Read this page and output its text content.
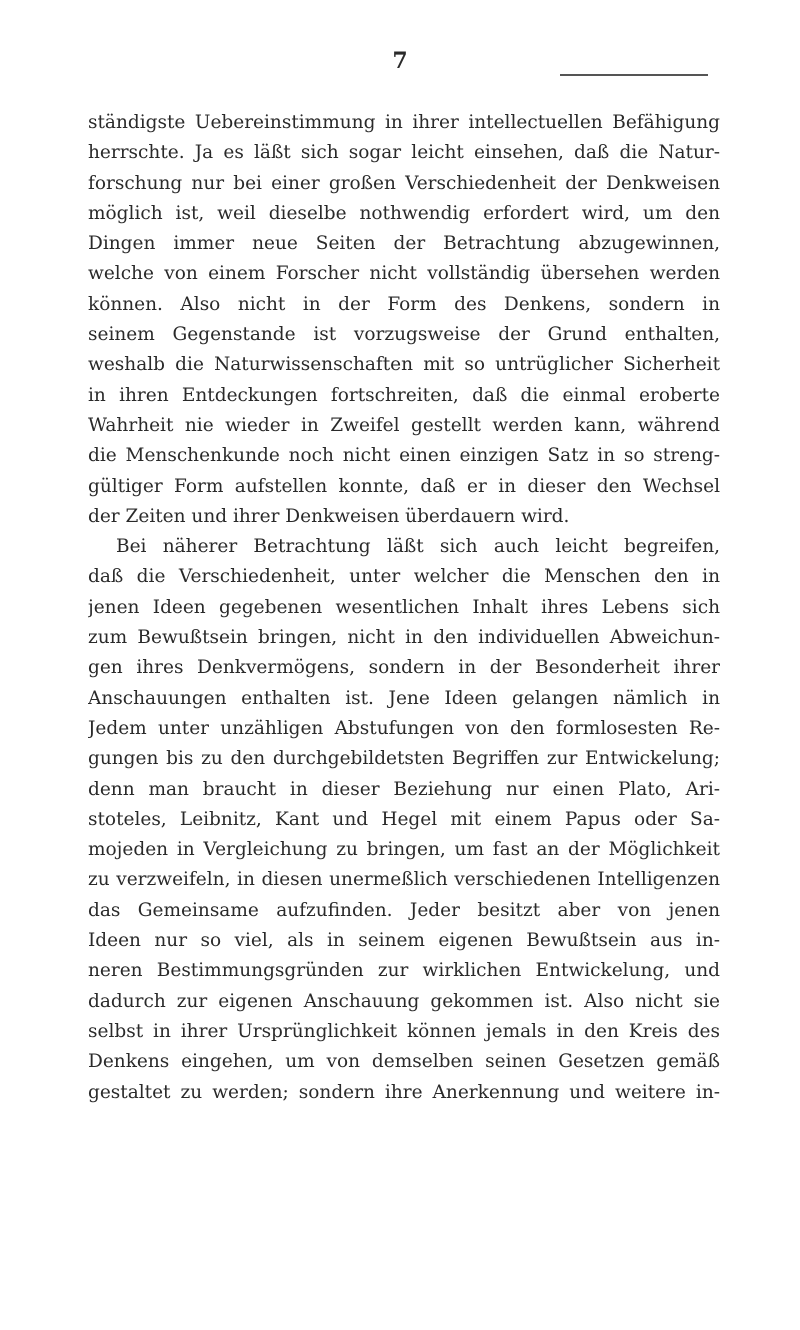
7
ständigste Uebereinstimmung in ihrer intellectuellen Befähigung
herrschte. Ja es läßt sich sogar leicht einsehen, daß die Natur-
forschung nur bei einer großen Verschiedenheit der Denkweisen
möglich ist, weil dieselbe nothwendig erfordert wird, um den
Dingen immer neue Seiten der Betrachtung abzugewinnen,
welche von einem Forscher nicht vollständig übersehen werden
können. Also nicht in der Form des Denkens, sondern in
seinem Gegenstande ist vorzugsweise der Grund enthalten,
weshalb die Naturwissenschaften mit so untrüglicher Sicherheit
in ihren Entdeckungen fortschreiten, daß die einmal eroberte
Wahrheit nie wieder in Zweifel gestellt werden kann, während
die Menschenkunde noch nicht einen einzigen Satz in so streng-
gültiger Form aufstellen konnte, daß er in dieser den Wechsel
der Zeiten und ihrer Denkweisen überdauern wird.
Bei näherer Betrachtung läßt sich auch leicht begreifen,
daß die Verschiedenheit, unter welcher die Menschen den in
jenen Ideen gegebenen wesentlichen Inhalt ihres Lebens sich
zum Bewußtsein bringen, nicht in den individuellen Abweichun-
gen ihres Denkvermögens, sondern in der Besonderheit ihrer
Anschauungen enthalten ist. Jene Ideen gelangen nämlich in
Jedem unter unzähligen Abstufungen von den formlosesten Re-
gungen bis zu den durchgebildetsten Begriffen zur Entwickelung;
denn man braucht in dieser Beziehung nur einen Plato, Ari-
stoteles, Leibnitz, Kant und Hegel mit einem Papus oder Sa-
mojeden in Vergleichung zu bringen, um fast an der Möglichkeit
zu verzweifeln, in diesen unermeßlich verschiedenen Intelligenzen
das Gemeinsame aufzufinden. Jeder besitzt aber von jenen
Ideen nur so viel, als in seinem eigenen Bewußtsein aus in-
neren Bestimmungsgründen zur wirklichen Entwickelung, und
dadurch zur eigenen Anschauung gekommen ist. Also nicht sie
selbst in ihrer Ursprünglichkeit können jemals in den Kreis des
Denkens eingehen, um von demselben seinen Gesetzen gemäß
gestaltet zu werden; sondern ihre Anerkennung und weitere in-
